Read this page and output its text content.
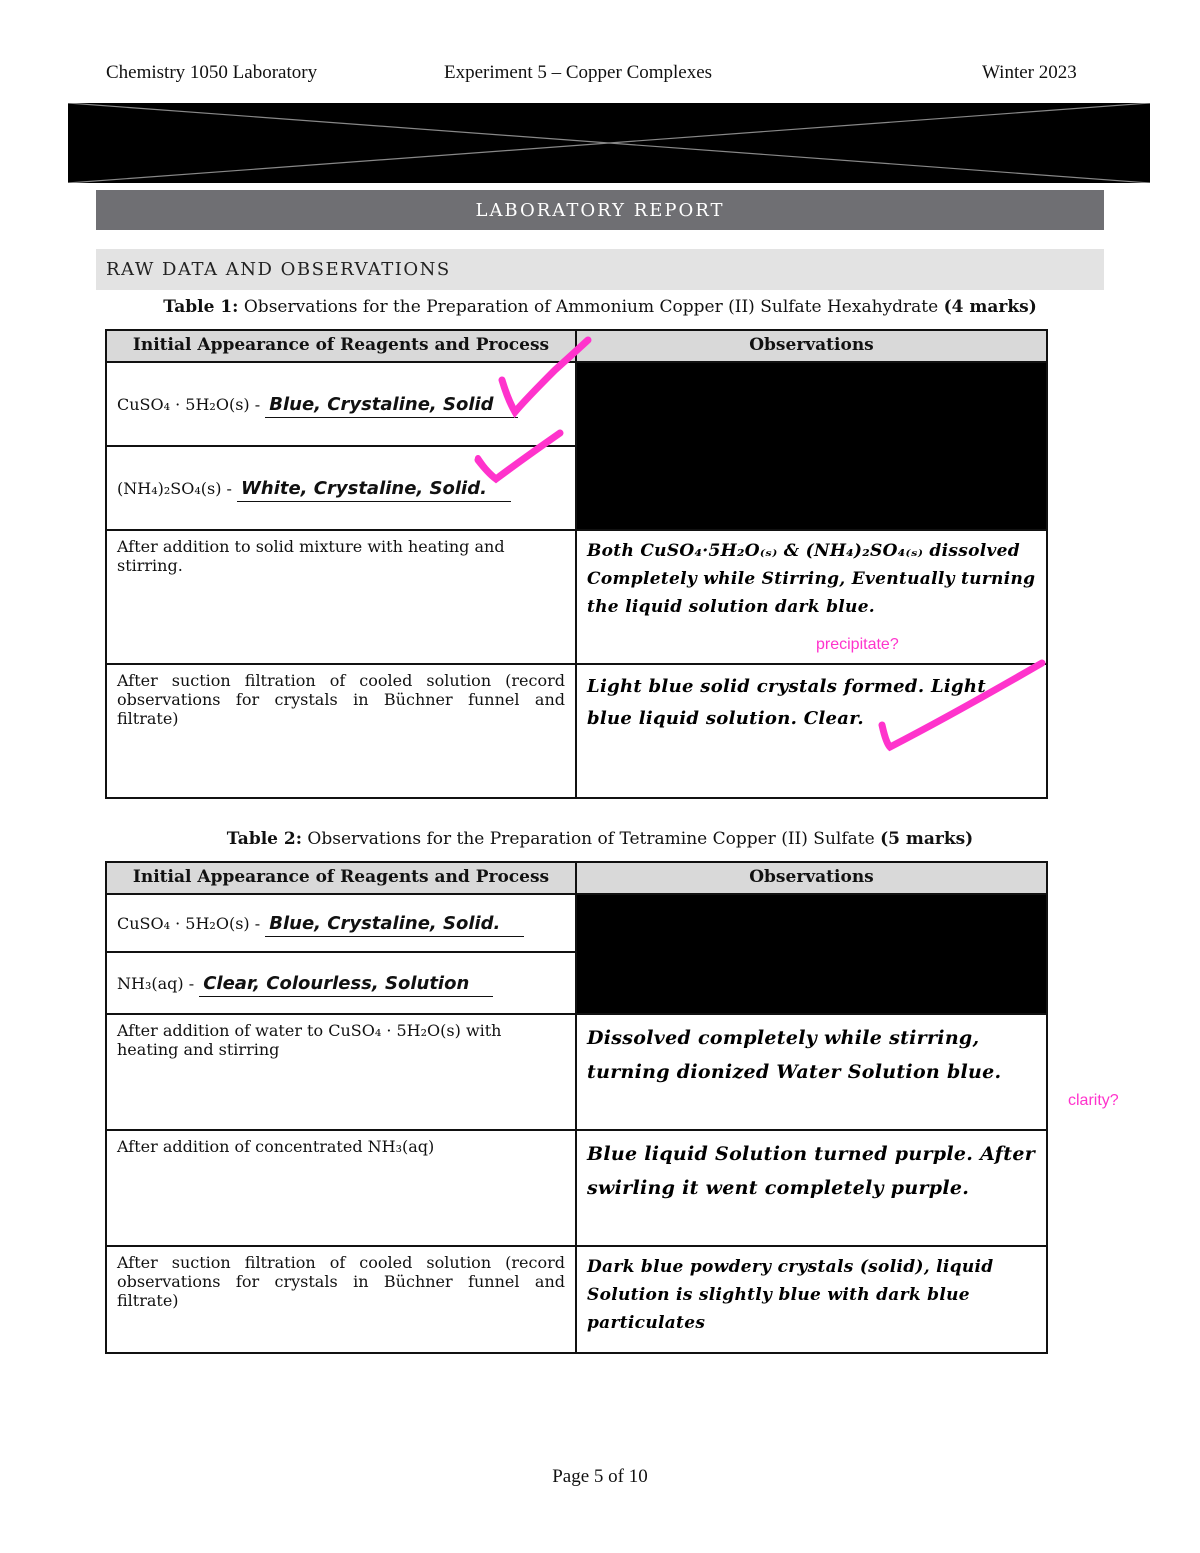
Chemistry 1050 Laboratory	Experiment 5 – Copper Complexes	Winter 2023
LABORATORY REPORT
RAW DATA AND OBSERVATIONS
Table 1: Observations for the Preparation of Ammonium Copper (II) Sulfate Hexahydrate (4 marks)
Initial Appearance of Reagents and Process	Observations
CuSO₄ · 5H₂O(s) - Blue, Crystaline, Solid	
(NH₄)₂SO₄(s) - White, Crystaline, Solid.	
After addition to solid mixture with heating and stirring.	Both CuSO₄·5H₂O₍ₛ₎ & (NH₄)₂SO₄₍ₛ₎ dissolved Completely while Stirring, Eventually turning the liquid solution dark blue.
After suction filtration of cooled solution (record observations for crystals in Büchner funnel and filtrate)	Light blue solid crystals formed. Light blue liquid solution. Clear.
precipitate?
Table 2: Observations for the Preparation of Tetramine Copper (II) Sulfate (5 marks)
Initial Appearance of Reagents and Process	Observations
CuSO₄ · 5H₂O(s) - Blue, Crystaline, Solid.	
NH₃(aq) - Clear, Colourless, Solution	
After addition of water to CuSO₄ · 5H₂O(s) with heating and stirring	Dissolved completely while stirring, turning dionized Water Solution blue.
After addition of concentrated NH₃(aq)	Blue liquid Solution turned purple. After swirling it went completely purple.
After suction filtration of cooled solution (record observations for crystals in Büchner funnel and filtrate)	Dark blue powdery crystals (solid), liquid Solution is slightly blue with dark blue particulates
clarity?
Page 5 of 10
